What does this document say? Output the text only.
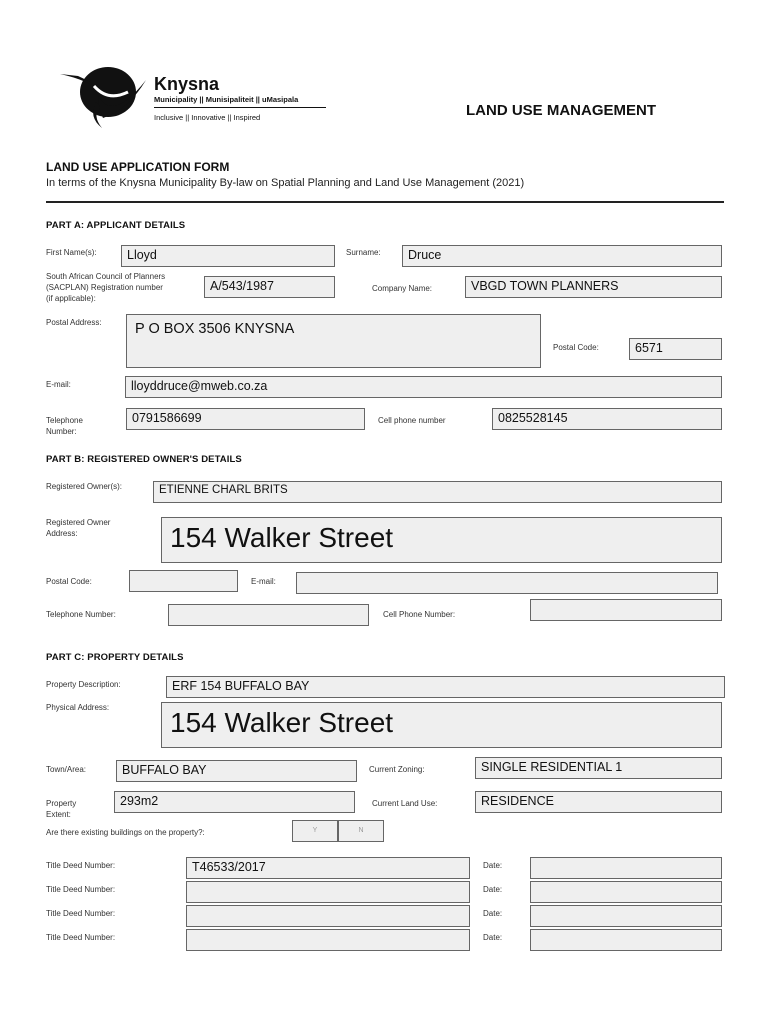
Knysna
Municipality || Munisipaliteit || uMasipala
Inclusive || Innovative || Inspired	LAND USE MANAGEMENT
LAND USE APPLICATION FORM
In terms of the Knysna Municipality By-law on Spatial Planning and Land Use Management (2021)
PART A: APPLICANT DETAILS
First Name(s):	Lloyd	Surname:	Druce
South African Council of Planners
(SACPLAN) Registration number
(if applicable):
A/543/1987	Company Name:	VBGD TOWN PLANNERS
Postal Address:	P O BOX 3506 KNYSNA
Postal Code:	6571
E-mail:	lloyddruce@mweb.co.za
Telephone
Number:
0791586699	Cell phone number	0825528145
PART B: REGISTERED OWNER'S DETAILS
Registered Owner(s):	ETIENNE CHARL BRITS
Registered Owner
Address:	154 Walker Street
Postal Code:	E-mail:
Telephone Number:	Cell Phone Number:
PART C: PROPERTY DETAILS
Property Description:	ERF 154 BUFFALO BAY
Physical Address:	154 Walker Street
Town/Area:	BUFFALO BAY	Current Zoning:	SINGLE RESIDENTIAL 1
Property
Extent:
293m2	Current Land Use:	RESIDENCE
Are there existing buildings on the property?:	Y	N
Title Deed Number:	T46533/2017	Date:
Title Deed Number:	Date:
Title Deed Number:	Date:
Title Deed Number:	Date:
